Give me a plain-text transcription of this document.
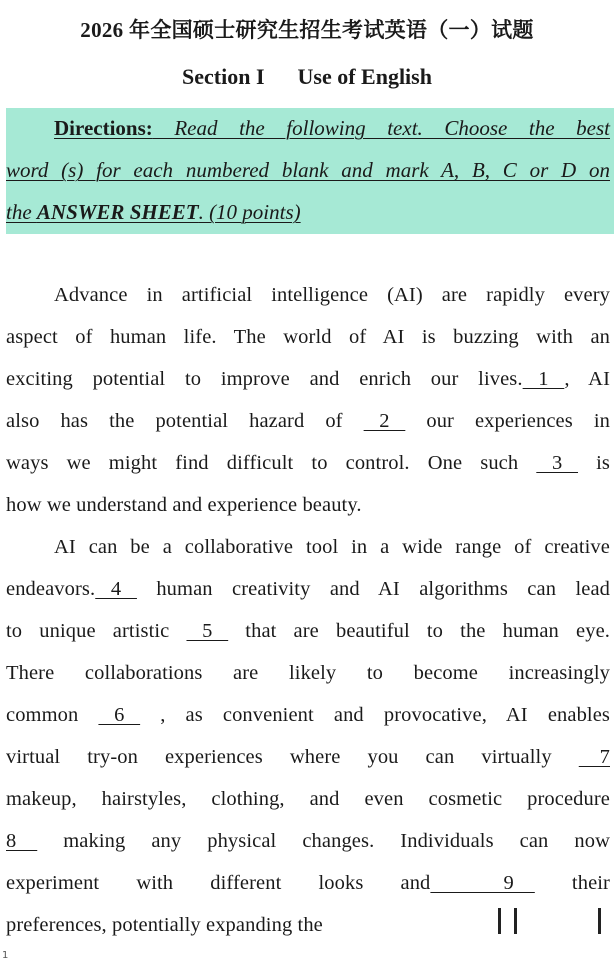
2026 年全国硕士研究生招生考试英语（一）试题
Section I      Use of English
Directions: Read the following text. Choose the best
word (s) for each numbered blank and mark A, B, C or D on
the ANSWER SHEET. (10 points)
Advance in artificial intelligence (AI) are rapidly every
aspect of human life. The world of AI is buzzing with an
exciting potential to improve and enrich our lives.   1   , AI
also has the potential hazard of    2    our experiences in
ways we might find difficult to control. One such    3    is
how we understand and experience beauty.
AI can be a collaborative tool in a wide range of creative
endeavors.   4    human creativity and AI algorithms can lead
to unique artistic    5    that are beautiful to the human eye.
There collaborations are likely to become increasingly
common    6    , as convenient and provocative, AI enables
virtual try-on experiences where you can virtually     7
makeup, hairstyles, clothing, and even cosmetic procedure
8     making any physical changes. Individuals can now
experiment with different looks and              9     their
preferences, potentially expanding the
1
